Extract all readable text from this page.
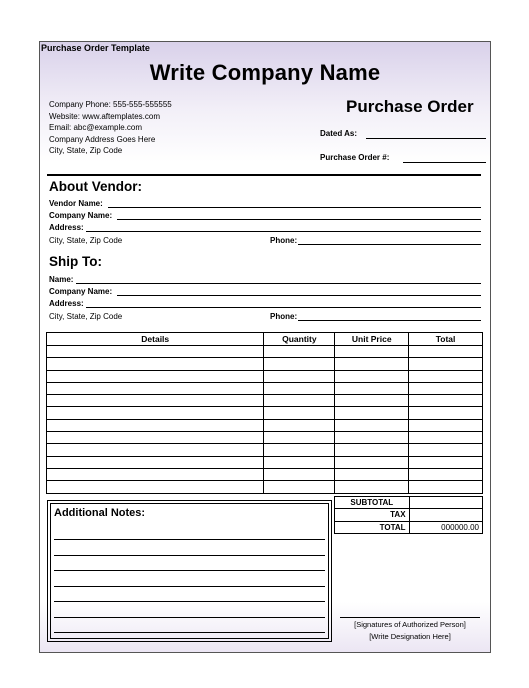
Purchase Order Template
Write Company Name
Company Phone: 555-555-555555
Website: www.aftemplates.com
Email: abc@example.com
Company Address Goes Here
City, State, Zip Code
Purchase Order
Dated As:
Purchase Order #:
About Vendor:
Vendor Name:
Company Name:
Address:
City, State, Zip Code	Phone:
Ship To:
Name:
Company Name:
Address:
City, State, Zip Code	Phone:
Details	Quantity	Unit Price	Total

SUBTOTAL	
TAX	
TOTAL	000000.00
Additional Notes:
[Signatures of Authorized Person]
[Write Designation Here]
